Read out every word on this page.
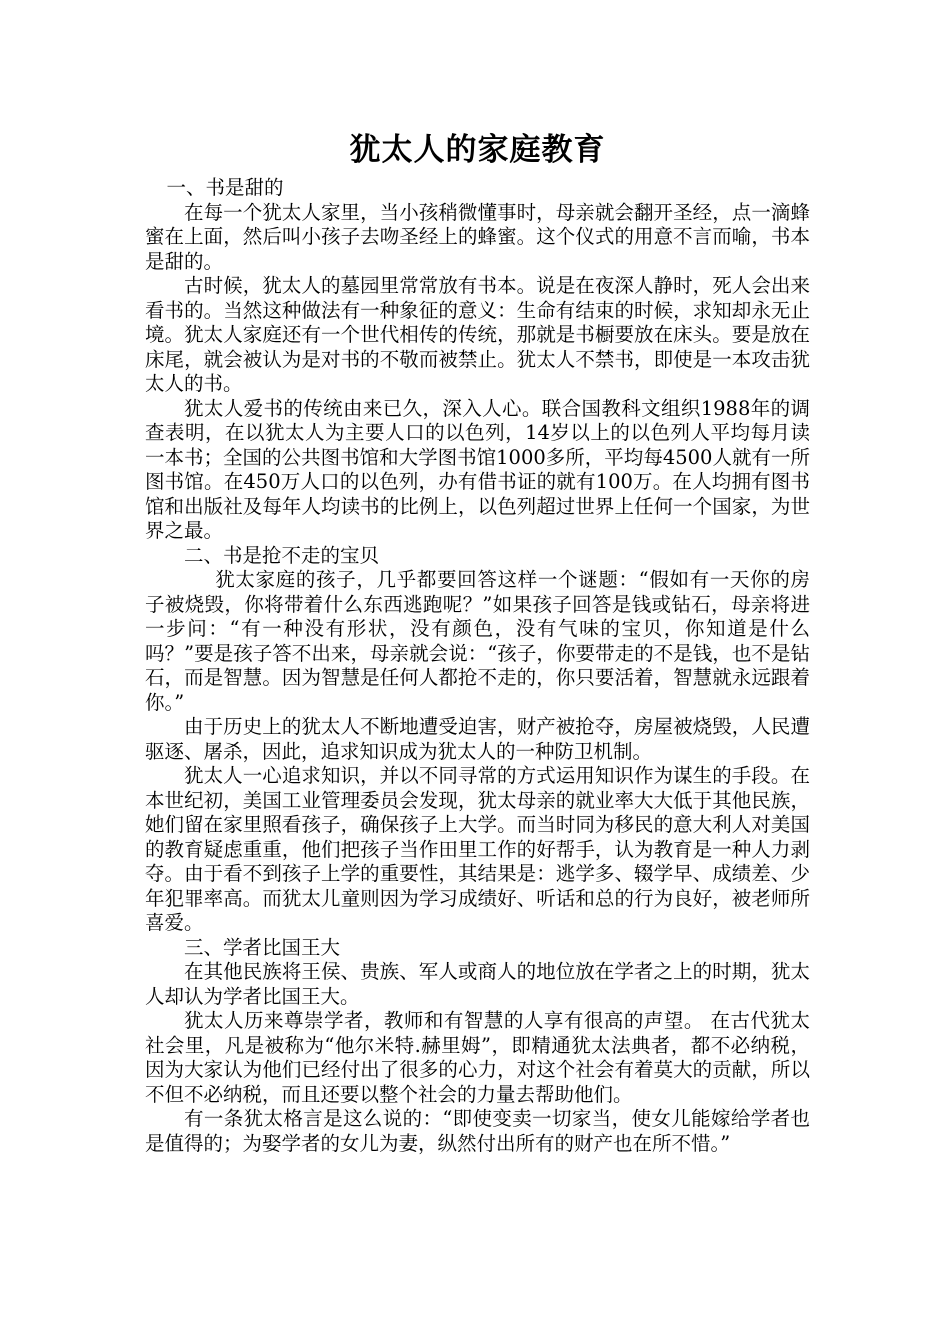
犹太人的家庭教育

一、书是甜的

在每一个犹太人家里，当小孩稍微懂事时，母亲就会翻开圣经，点一滴蜂蜜在上面，然后叫小孩子去吻圣经上的蜂蜜。这个仪式的用意不言而喻，书本是甜的。

古时候，犹太人的墓园里常常放有书本。说是在夜深人静时，死人会出来看书的。当然这种做法有一种象征的意义：生命有结束的时候，求知却永无止境。犹太人家庭还有一个世代相传的传统，那就是书橱要放在床头。要是放在床尾，就会被认为是对书的不敬而被禁止。犹太人不禁书，即使是一本攻击犹太人的书。

犹太人爱书的传统由来已久，深入人心。联合国教科文组织1988年的调查表明，在以犹太人为主要人口的以色列，14岁以上的以色列人平均每月读一本书；全国的公共图书馆和大学图书馆1000多所，平均每4500人就有一所图书馆。在450万人口的以色列，办有借书证的就有100万。在人均拥有图书馆和出版社及每年人均读书的比例上，以色列超过世界上任何一个国家，为世界之最。

二、书是抢不走的宝贝

犹太家庭的孩子，几乎都要回答这样一个谜题：“假如有一天你的房子被烧毁，你将带着什么东西逃跑呢？”如果孩子回答是钱或钻石，母亲将进一步问：“有一种没有形状，没有颜色，没有气味的宝贝，你知道是什么吗？”要是孩子答不出来，母亲就会说：“孩子，你要带走的不是钱，也不是钻石，而是智慧。因为智慧是任何人都抢不走的，你只要活着，智慧就永远跟着你。”

由于历史上的犹太人不断地遭受迫害，财产被抢夺，房屋被烧毁，人民遭驱逐、屠杀，因此，追求知识成为犹太人的一种防卫机制。

犹太人一心追求知识，并以不同寻常的方式运用知识作为谋生的手段。在本世纪初，美国工业管理委员会发现，犹太母亲的就业率大大低于其他民族，她们留在家里照看孩子，确保孩子上大学。而当时同为移民的意大利人对美国的教育疑虑重重，他们把孩子当作田里工作的好帮手，认为教育是一种人力剥夺。由于看不到孩子上学的重要性，其结果是：逃学多、辍学早、成绩差、少年犯罪率高。而犹太儿童则因为学习成绩好、听话和总的行为良好，被老师所喜爱。

三、学者比国王大

在其他民族将王侯、贵族、军人或商人的地位放在学者之上的时期，犹太人却认为学者比国王大。

犹太人历来尊崇学者，教师和有智慧的人享有很高的声望。 在古代犹太社会里，凡是被称为“他尔米特.赫里姆”，即精通犹太法典者，都不必纳税，因为大家认为他们已经付出了很多的心力，对这个社会有着莫大的贡献，所以不但不必纳税，而且还要以整个社会的力量去帮助他们。

有一条犹太格言是这么说的：“即使变卖一切家当，使女儿能嫁给学者也是值得的；为娶学者的女儿为妻，纵然付出所有的财产也在所不惜。”
